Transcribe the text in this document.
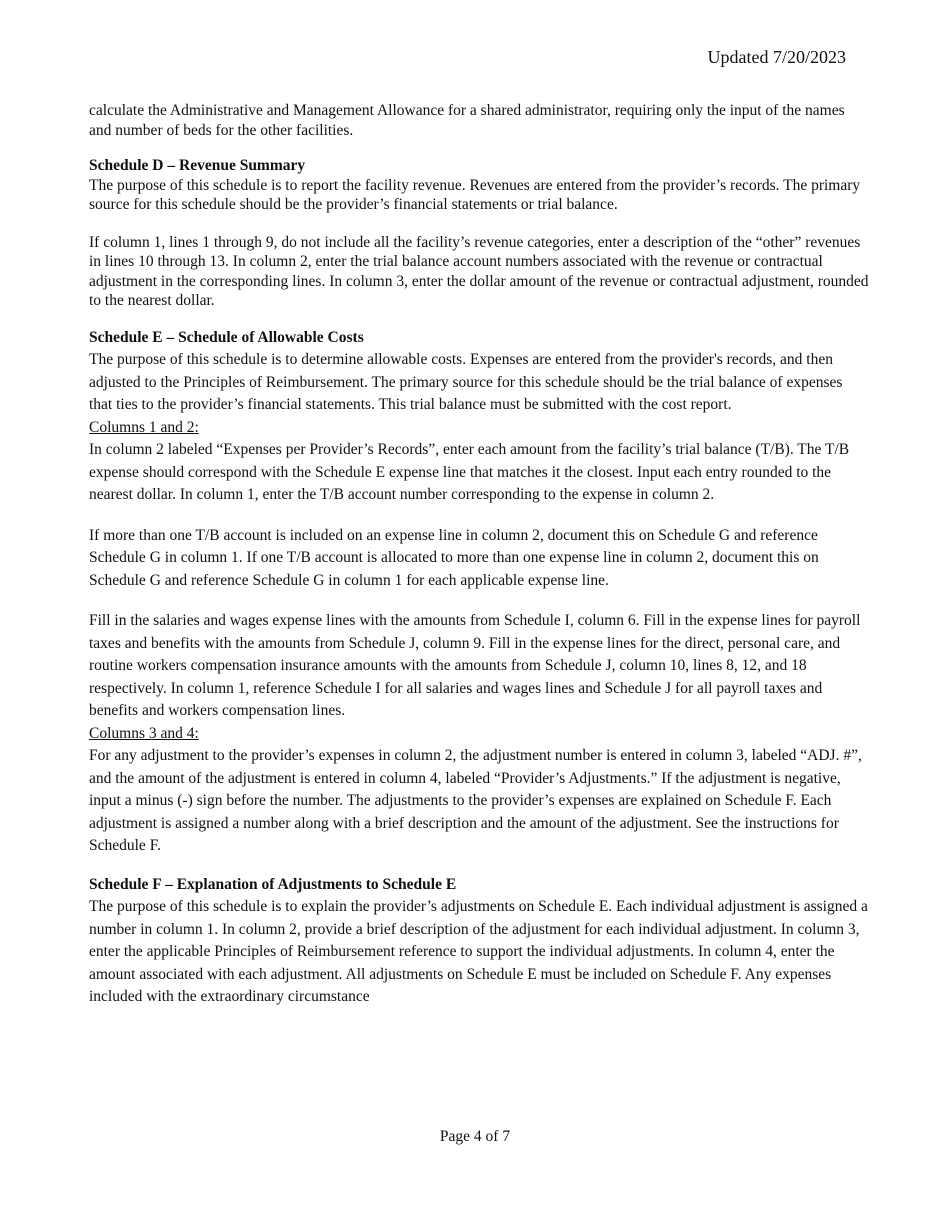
Updated 7/20/2023

calculate the Administrative and Management Allowance for a shared administrator, requiring only the input of the names and number of beds for the other facilities.

Schedule D – Revenue Summary

The purpose of this schedule is to report the facility revenue. Revenues are entered from the provider’s records. The primary source for this schedule should be the provider’s financial statements or trial balance.

If column 1, lines 1 through 9, do not include all the facility’s revenue categories, enter a description of the “other” revenues in lines 10 through 13. In column 2, enter the trial balance account numbers associated with the revenue or contractual adjustment in the corresponding lines. In column 3, enter the dollar amount of the revenue or contractual adjustment, rounded to the nearest dollar.

Schedule E – Schedule of Allowable Costs

The purpose of this schedule is to determine allowable costs. Expenses are entered from the provider's records, and then adjusted to the Principles of Reimbursement. The primary source for this schedule should be the trial balance of expenses that ties to the provider’s financial statements. This trial balance must be submitted with the cost report.

Columns 1 and 2:

In column 2 labeled “Expenses per Provider’s Records”, enter each amount from the facility’s trial balance (T/B). The T/B expense should correspond with the Schedule E expense line that matches it the closest. Input each entry rounded to the nearest dollar. In column 1, enter the T/B account number corresponding to the expense in column 2.

If more than one T/B account is included on an expense line in column 2, document this on Schedule G and reference Schedule G in column 1. If one T/B account is allocated to more than one expense line in column 2, document this on Schedule G and reference Schedule G in column 1 for each applicable expense line.

Fill in the salaries and wages expense lines with the amounts from Schedule I, column 6. Fill in the expense lines for payroll taxes and benefits with the amounts from Schedule J, column 9. Fill in the expense lines for the direct, personal care, and routine workers compensation insurance amounts with the amounts from Schedule J, column 10, lines 8, 12, and 18 respectively. In column 1, reference Schedule I for all salaries and wages lines and Schedule J for all payroll taxes and benefits and workers compensation lines.

Columns 3 and 4:

For any adjustment to the provider’s expenses in column 2, the adjustment number is entered in column 3, labeled “ADJ. #”, and the amount of the adjustment is entered in column 4, labeled “Provider’s Adjustments.” If the adjustment is negative, input a minus (-) sign before the number. The adjustments to the provider’s expenses are explained on Schedule F. Each adjustment is assigned a number along with a brief description and the amount of the adjustment. See the instructions for Schedule F.

Schedule F – Explanation of Adjustments to Schedule E

The purpose of this schedule is to explain the provider’s adjustments on Schedule E. Each individual adjustment is assigned a number in column 1. In column 2, provide a brief description of the adjustment for each individual adjustment. In column 3, enter the applicable Principles of Reimbursement reference to support the individual adjustments. In column 4, enter the amount associated with each adjustment. All adjustments on Schedule E must be included on Schedule F. Any expenses included with the extraordinary circumstance

Page 4 of 7
